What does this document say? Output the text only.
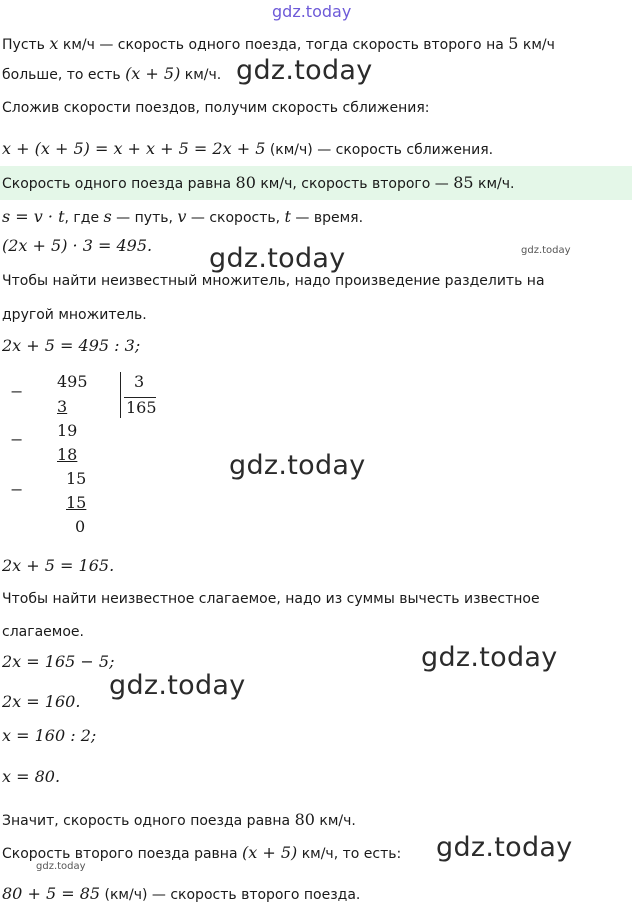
gdz.today
Пусть x км/ч — скорость одного поезда, тогда скорость второго на 5 км/ч
больше, то есть (x + 5) км/ч. gdz.today
Сложив скорости поездов, получим скорость сближения:
x + (x + 5) = x + x + 5 = 2x + 5 (км/ч) — скорость сближения.
Скорость одного поезда равна 80 км/ч, скорость второго — 85 км/ч.
s = v · t, где s — путь, v — скорость, t — время.
(2x + 5) · 3 = 495.	gdz.today
gdz.today
Чтобы найти неизвестный множитель, надо произведение разделить на
другой множитель.
2x + 5 = 495 : 3;
−
−
−
495
3
19
18
15
15
0
3
165
gdz.today
2x + 5 = 165.
Чтобы найти неизвестное слагаемое, надо из суммы вычесть известное
слагаемое.
2x = 165 − 5;	gdz.today
2x = 160.
gdz.today
x = 160 : 2;
x = 80.
Значит, скорость одного поезда равна 80 км/ч.
Скорость второго поезда равна (x + 5) км/ч, то есть: gdz.today
gdz.today
80 + 5 = 85 (км/ч) — скорость второго поезда.
